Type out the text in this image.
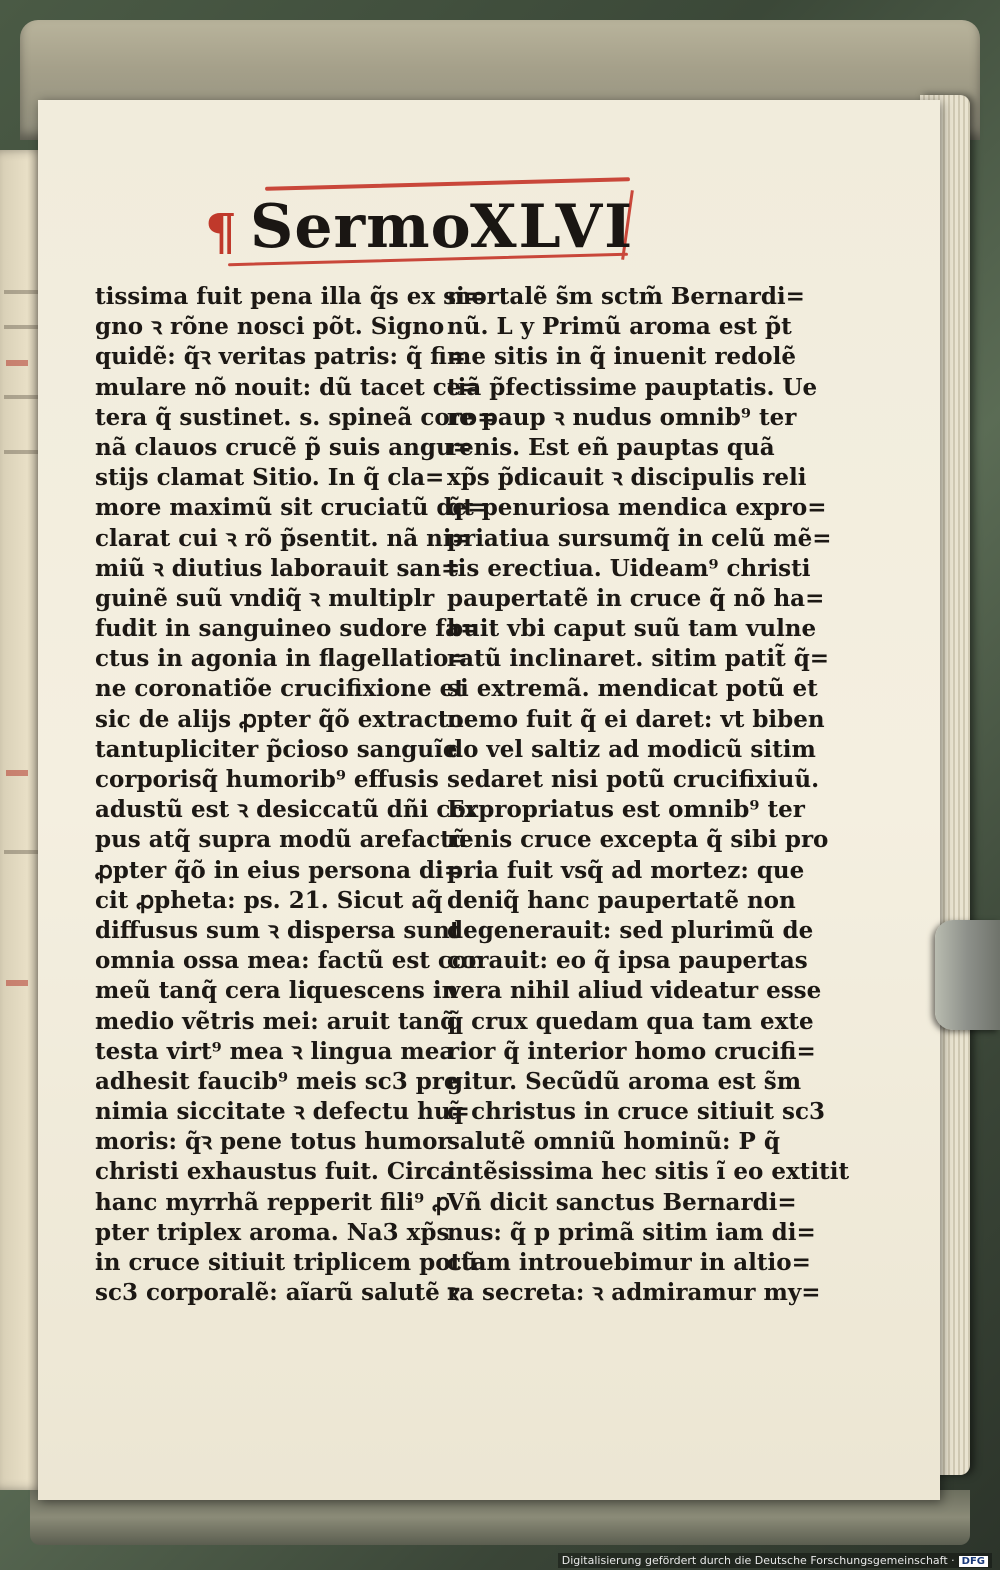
¶ Sermo
XLVI
tissima fuit pena illa q̃s ex si=
gno ꝛ rõne nosci põt. Signo
quidẽ: q̃ꝛ veritas patris: q̃ fi=
mulare nõ nouit: dũ tacet ce=
tera q̃ sustinet. s. spineã coro=
nã clauos crucẽ p̃ suis angu=
stijs clamat Sitio. In q̃ cla=
more maximũ sit cruciatũ de=
clarat cui ꝛ rõ p̃sentit. nã ni=
miũ ꝛ diutius laborauit san=
guinẽ suũ vndiq̃ ꝛ multiplr
fudit in sanguineo sudore fa=
ctus in agonia in flagellatio=
ne coronatiõe crucifixione et
sic de alijs ꝓpter q̃õ extracto
tantupliciter p̃cioso sanguĩe
corporisq̃ humorib⁹ effusis
adustũ est ꝛ desiccatũ dñi cor
pus atq̃ supra modũ arefactũ
ꝓpter q̃õ in eius persona di=
cit ꝓpheta: ps. 21. Sicut aq̃
diffusus sum ꝛ dispersa sunt
omnia ossa mea: factũ est cor
meũ tanq̃ cera liquescens in
medio vẽtris mei: aruit tanq̃
testa virt⁹ mea ꝛ lingua mea
adhesit faucib⁹ meis sc3 pre
nimia siccitate ꝛ defectu hu=
moris: q̃ꝛ pene totus humor
christi exhaustus fuit. Circa
hanc myrrhã repperit fili⁹ ꝓ
pter triplex aroma. Na3 xp̃s
in cruce sitiuit triplicem potũ
sc3 corporalẽ: aĩarũ salutẽ ꝛ
mortalẽ s̃m sctm̃ Bernardi=
nũ. L y Primũ aroma est p̃t
me sitis in q̃ inuenit redolẽ
tiã p̃fectissime pauptatis. Ue
re paup ꝛ nudus omnib⁹ ter
renis. Est eñ pauptas quã
xp̃s p̃dicauit ꝛ discipulis reli
q̃t penuriosa mendica expro=
priatiua sursumq̃ in celũ mẽ=
tis erectiua. Uideam⁹ christi
paupertatẽ in cruce q̃ nõ ha=
buit vbi caput suũ tam vulne
ratũ inclinaret. sitim patit̃ q̃=
si extremã. mendicat potũ et
nemo fuit q̃ ei daret: vt biben
do vel saltiz ad modicũ sitim
sedaret nisi potũ crucifixiuũ.
Expropriatus est omnib⁹ ter
renis cruce excepta q̃ sibi pro
pria fuit vsq̃ ad mortez: que
deniq̃ hanc paupertatẽ non
degenerauit: sed plurimũ de
corauit: eo q̃ ipsa paupertas
vera nihil aliud videatur esse
q̃ crux quedam qua tam exte
rior q̃ interior homo crucifi=
gitur. Secũdũ aroma est s̃m
q̃ christus in cruce sitiuit sc3
salutẽ omniũ hominũ: P q̃
intẽsissima hec sitis ĩ eo extitit
Vñ dicit sanctus Bernardi=
nus: q̃ p primã sitim iam di=
ctam introuebimur in altio=
ra secreta: ꝛ admiramur my=
Digitalisierung gefördert durch die Deutsche Forschungsgemeinschaft · DFG
